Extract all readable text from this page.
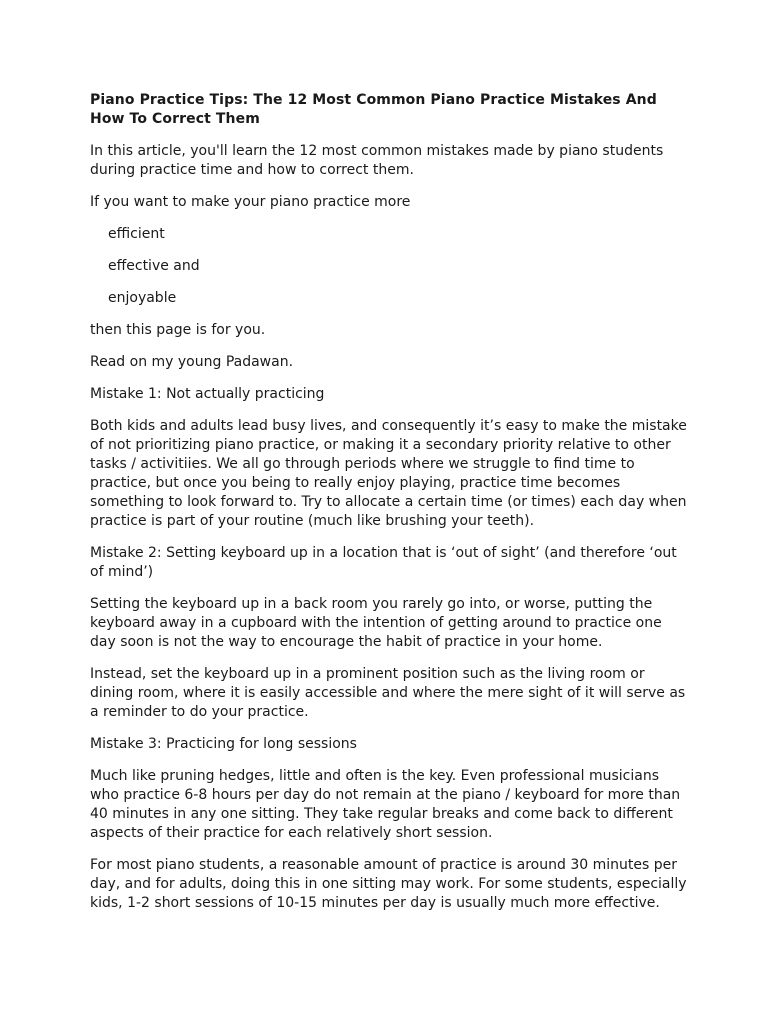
Piano Practice Tips: The 12 Most Common Piano Practice Mistakes And How To Correct Them
In this article, you'll learn the 12 most common mistakes made by piano students during practice time and how to correct them.
If you want to make your piano practice more
efficient
effective and
enjoyable
then this page is for you.
Read on my young Padawan.
Mistake 1: Not actually practicing
Both kids and adults lead busy lives, and consequently it’s easy to make the mistake of not prioritizing piano practice, or making it a secondary priority relative to other tasks / activitiies. We all go through periods where we struggle to find time to practice, but once you being to really enjoy playing, practice time becomes something to look forward to. Try to allocate a certain time (or times) each day when practice is part of your routine (much like brushing your teeth).
Mistake 2: Setting keyboard up in a location that is ‘out of sight’ (and therefore ‘out of mind’)
Setting the keyboard up in a back room you rarely go into, or worse, putting the keyboard away in a cupboard with the intention of getting around to practice one day soon is not the way to encourage the habit of practice in your home.
Instead, set the keyboard up in a prominent position such as the living room or dining room, where it is easily accessible and where the mere sight of it will serve as a reminder to do your practice.
Mistake 3: Practicing for long sessions
Much like pruning hedges, little and often is the key. Even professional musicians who practice 6-8 hours per day do not remain at the piano / keyboard for more than 40 minutes in any one sitting. They take regular breaks and come back to different aspects of their practice for each relatively short session.
For most piano students, a reasonable amount of practice is around 30 minutes per day, and for adults, doing this in one sitting may work. For some students, especially kids, 1-2 short sessions of 10-15 minutes per day is usually much more effective.
